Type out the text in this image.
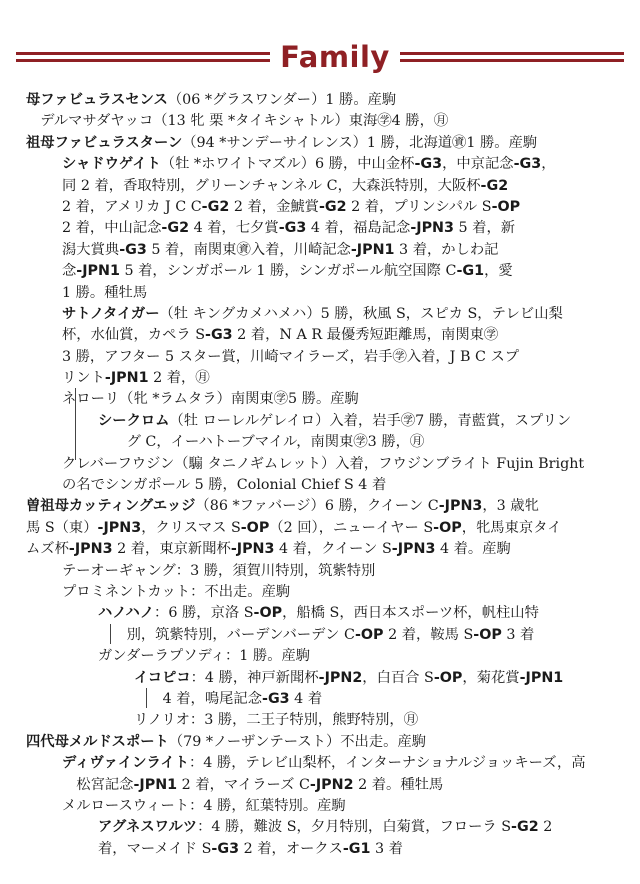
Family
母ファビュラスセンス（06 *グラスワンダー）1 勝。産駒
　デルマサダヤッコ（13 牝 栗 *タイキシャトル）東海㊫4 勝，㊊
祖母ファビュラスターン（94 *サンデーサイレンス）1 勝，北海道㊮1 勝。産駒
シャドウゲイト（牡 *ホワイトマズル）6 勝，中山金杯-G3，中京記念-G3，
同 2 着，香取特別，グリーンチャンネル C，大森浜特別，大阪杯-G2
2 着，アメリカ J C C-G2 2 着，金鯱賞-G2 2 着，プリンシパル S-OP
2 着，中山記念-G2 4 着，七夕賞-G3 4 着，福島記念-JPN3 5 着，新
潟大賞典-G3 5 着，南関東㊮入着，川崎記念-JPN1 3 着，かしわ記
念-JPN1 5 着，シンガポール 1 勝，シンガポール航空国際 C-G1，愛
1 勝。種牡馬
サトノタイガー（牡 キングカメハメハ）5 勝，秋風 S，スピカ S，テレビ山梨
杯，水仙賞，カペラ S-G3 2 着，N A R 最優秀短距離馬，南関東㊫
3 勝，アフター 5 スター賞，川崎マイラーズ，岩手㊫入着，J B C スプ
リント-JPN1 2 着，㊊
ネローリ（牝 *ラムタラ）南関東㊫5 勝。産駒
シークロム（牡 ローレルゲレイロ）入着，岩手㊫7 勝，青藍賞，スプリン
　　グ C，イーハトーブマイル，南関東㊫3 勝，㊊
クレバーフウジン（騸 タニノギムレット）入着，フウジンブライト Fujin Bright
の名でシンガポール 5 勝，Colonial Chief S 4 着
曽祖母カッティングエッジ（86 *ファバージ）6 勝，クイーン C-JPN3，3 歳牝
馬 S（東）-JPN3，クリスマス S-OP（2 回），ニューイヤー S-OP，牝馬東京タイ
ムズ杯-JPN3 2 着，東京新聞杯-JPN3 4 着，クイーン S-JPN3 4 着。産駒
テーオーギャング：3 勝，須賀川特別，筑紫特別
プロミネントカット：不出走。産駒
ハノハノ：6 勝，京洛 S-OP，船橋 S，西日本スポーツ杯，帆柱山特
　　別，筑紫特別，バーデンバーデン C-OP 2 着，鞍馬 S-OP 3 着
ガンダーラプソディ：1 勝。産駒
イコピコ：4 勝，神戸新聞杯-JPN2，白百合 S-OP，菊花賞-JPN1
　　4 着，鳴尾記念-G3 4 着
リノリオ：3 勝，二王子特別，熊野特別，㊊
四代母メルドスポート（79 *ノーザンテースト）不出走。産駒
ディヴァインライト：4 勝，テレビ山梨杯，インターナショナルジョッキーズ，高
　松宮記念-JPN1 2 着，マイラーズ C-JPN2 2 着。種牡馬
メルロースウィート：4 勝，紅葉特別。産駒
アグネスワルツ：4 勝，難波 S，夕月特別，白菊賞，フローラ S-G2 2
着，マーメイド S-G3 2 着，オークス-G1 3 着
